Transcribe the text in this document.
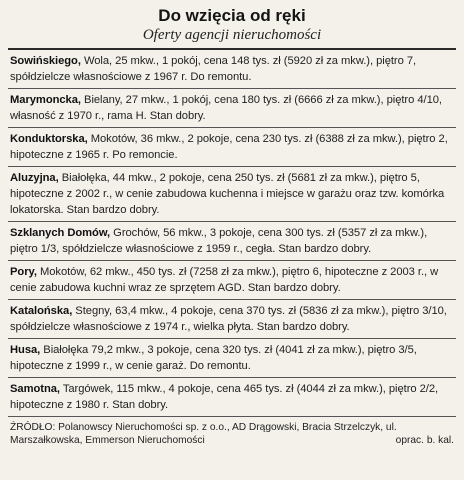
Do wzięcia od ręki
Oferty agencji nieruchomości
Sowińskiego, Wola, 25 mkw., 1 pokój, cena 148 tys. zł (5920 zł za mkw.), piętro 7, spółdzielcze własnościowe z 1967 r. Do remontu.
Marymoncka, Bielany, 27 mkw., 1 pokój, cena 180 tys. zł (6666 zł za mkw.), piętro 4/10, własność z 1970 r., rama H. Stan dobry.
Konduktorska, Mokotów, 36 mkw., 2 pokoje, cena 230 tys. zł (6388 zł za mkw.), piętro 2, hipoteczne z 1965 r. Po remoncie.
Aluzyjna, Białołęka, 44 mkw., 2 pokoje, cena 250 tys. zł (5681 zł za mkw.), piętro 5, hipoteczne z 2002 r., w cenie zabudowa kuchenna i miejsce w garażu oraz tzw. komórka lokatorska. Stan bardzo dobry.
Szklanych Domów, Grochów, 56 mkw., 3 pokoje, cena 300 tys. zł (5357 zł za mkw.), piętro 1/3, spółdzielcze własnościowe z 1959 r., cegła. Stan bardzo dobry.
Pory, Mokotów, 62 mkw., 450 tys. zł (7258 zł za mkw.), piętro 6, hipoteczne z 2003 r., w cenie zabudowa kuchni wraz ze sprzętem AGD. Stan bardzo dobry.
Katalońska, Stegny, 63,4 mkw., 4 pokoje, cena 370 tys. zł (5836 zł za mkw.), piętro 3/10, spółdzielcze własnościowe z 1974 r., wielka płyta. Stan bardzo dobry.
Husa, Białołęka 79,2 mkw., 3 pokoje, cena 320 tys. zł (4041 zł za mkw.), piętro 3/5, hipoteczne z 1999 r., w cenie garaż. Do remontu.
Samotna, Targówek, 115 mkw., 4 pokoje, cena 465 tys. zł (4044 zł za mkw.), piętro 2/2, hipoteczne z 1980 r. Stan dobry.
ŹRÓDŁO: Polanowscy Nieruchomości sp. z o.o., AD Drągowski, Bracia Strzelczyk, ul. Marszałkowska, Emmerson Nieruchomości	oprac. b. kal.
